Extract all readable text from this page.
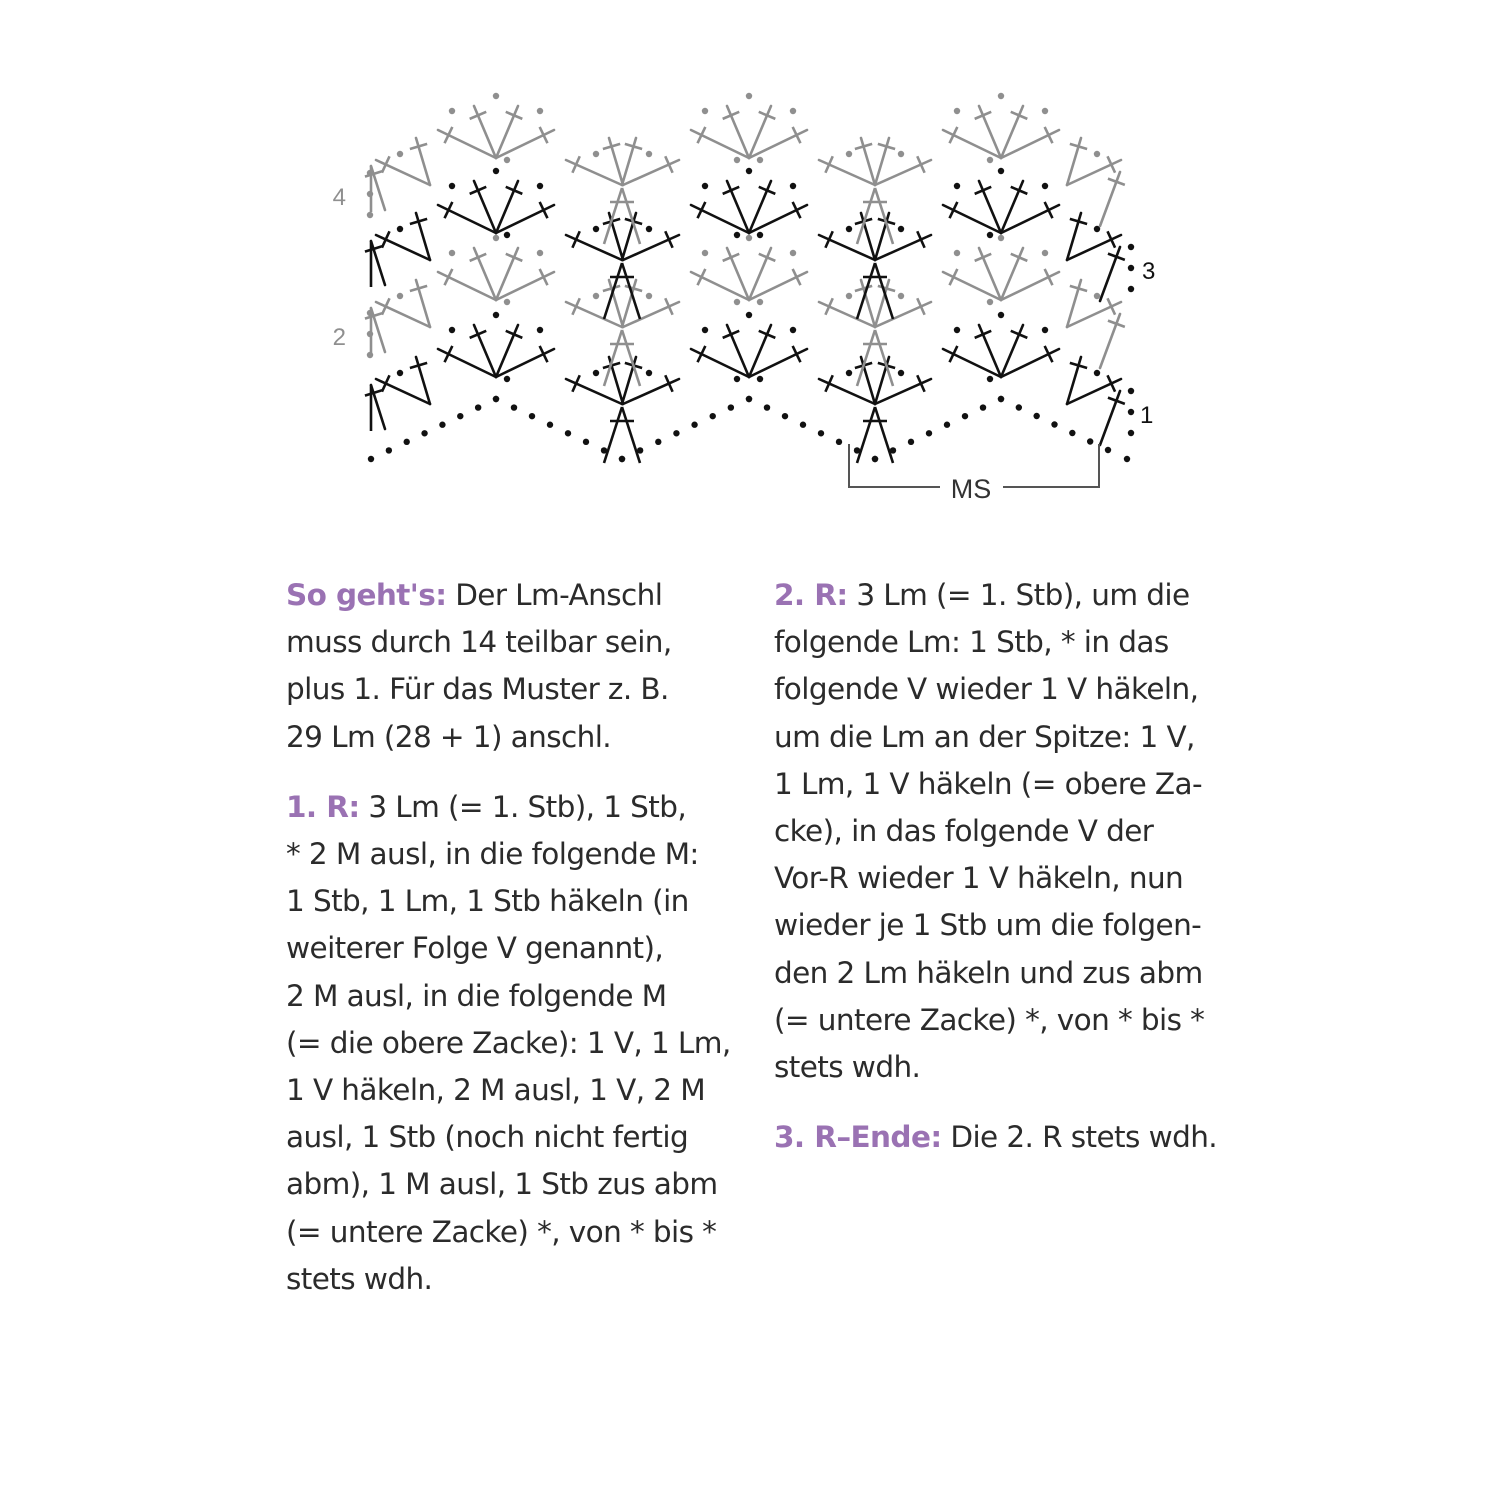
1
2
3
4
MS

So geht's: Der Lm-Anschl
muss durch 14 teilbar sein,
plus 1. Für das Muster z. B.
29 Lm (28 + 1) anschl.

1. R: 3 Lm (= 1. Stb), 1 Stb,
* 2 M ausl, in die folgende M:
1 Stb, 1 Lm, 1 Stb häkeln (in
weiterer Folge V genannt),
2 M ausl, in die folgende M
(= die obere Zacke): 1 V, 1 Lm,
1 V häkeln, 2 M ausl, 1 V, 2 M
ausl, 1 Stb (noch nicht fertig
abm), 1 M ausl, 1 Stb zus abm
(= untere Zacke) *, von * bis *
stets wdh.

2. R: 3 Lm (= 1. Stb), um die
folgende Lm: 1 Stb, * in das
folgende V wieder 1 V häkeln,
um die Lm an der Spitze: 1 V,
1 Lm, 1 V häkeln (= obere Za-
cke), in das folgende V der
Vor-R wieder 1 V häkeln, nun
wieder je 1 Stb um die folgen-
den 2 Lm häkeln und zus abm
(= untere Zacke) *, von * bis *
stets wdh.

3. R–Ende: Die 2. R stets wdh.
